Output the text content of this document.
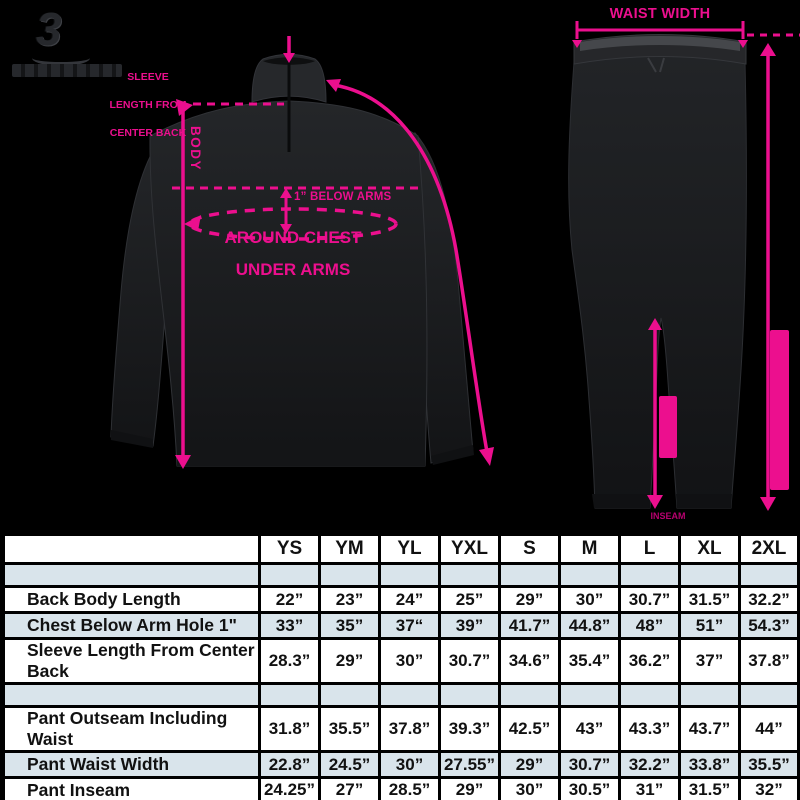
3
SLEEVE

LENGTH FROM

CENTER BACK BODY
1” BELOW ARMS
AROUND CHEST

UNDER ARMS
WAIST WIDTH
INSEAM
	YS	YM	YL	YXL	S	M	L	XL	2XL

Back Body Length	22”	23”	24”	25”	29”	30”	30.7”	31.5”	32.2”
Chest Below Arm Hole 1"	33”	35”	37“	39”	41.7”	44.8”	48”	51”	54.3”
Sleeve Length From Center Back	28.3”	29”	30”	30.7”	34.6”	35.4”	36.2”	37”	37.8”

Pant Outseam Including Waist	31.8”	35.5”	37.8”	39.3”	42.5”	43”	43.3”	43.7”	44”
Pant Waist Width	22.8”	24.5”	30”	27.55”	29”	30.7”	32.2”	33.8”	35.5”
Pant Inseam	24.25”	27”	28.5”	29”	30”	30.5”	31”	31.5”	32”
